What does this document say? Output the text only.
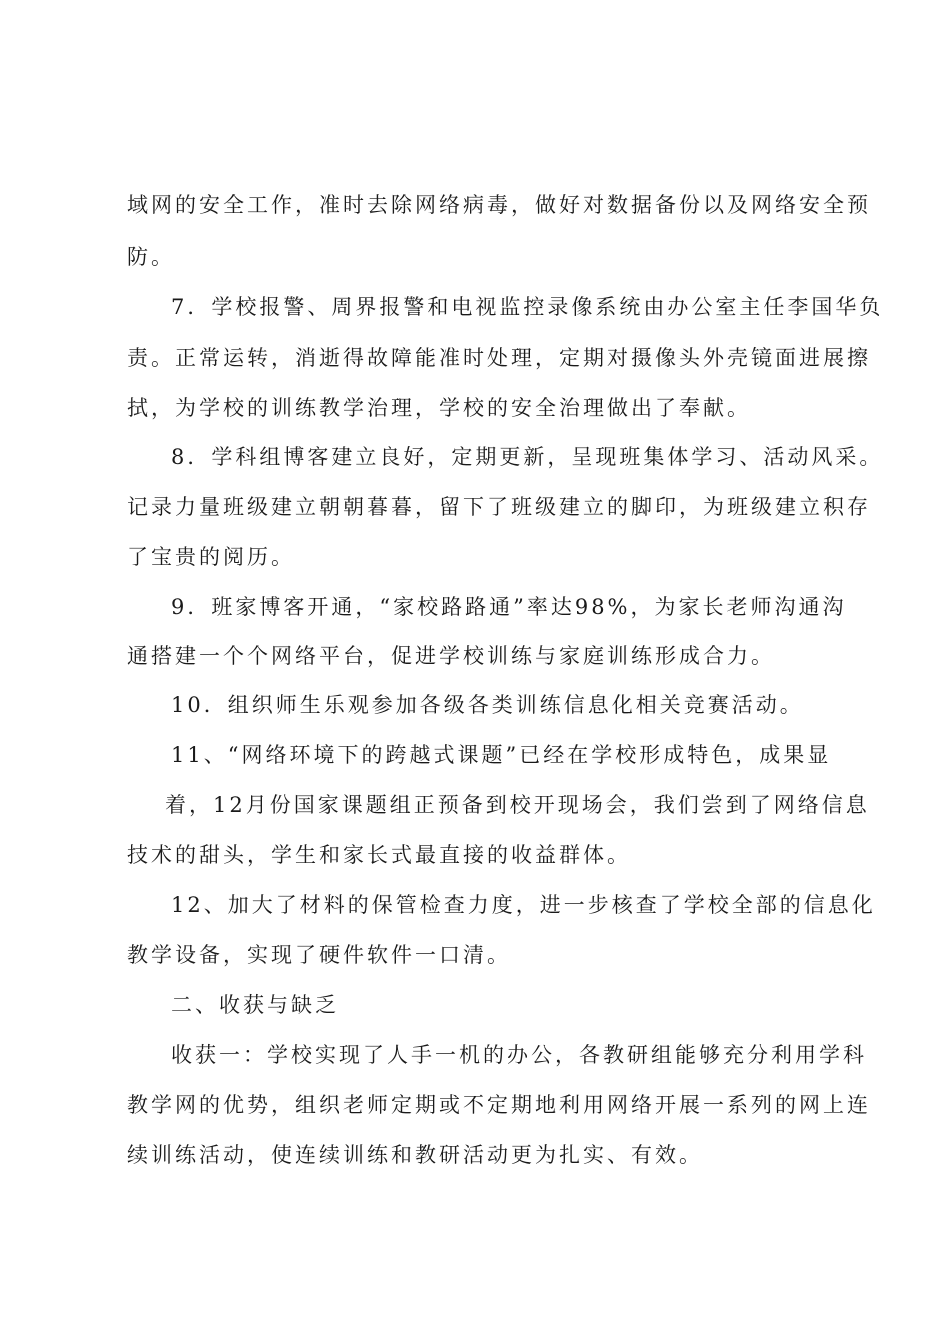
域网的安全工作，准时去除网络病毒，做好对数据备份以及网络安全预
防。
7．学校报警、周界报警和电视监控录像系统由办公室主任李国华负
责。正常运转，消逝得故障能准时处理，定期对摄像头外壳镜面进展擦
拭，为学校的训练教学治理，学校的安全治理做出了奉献。
8．学科组博客建立良好，定期更新，呈现班集体学习、活动风采。
记录力量班级建立朝朝暮暮，留下了班级建立的脚印，为班级建立积存
了宝贵的阅历。
9．班家博客开通，“家校路路通”率达98%，为家长老师沟通沟
通搭建一个个网络平台，促进学校训练与家庭训练形成合力。
10．组织师生乐观参加各级各类训练信息化相关竞赛活动。
11、“网络环境下的跨越式课题”已经在学校形成特色，成果显
着，12月份国家课题组正预备到校开现场会，我们尝到了网络信息
技术的甜头，学生和家长式最直接的收益群体。
12、加大了材料的保管检查力度，进一步核查了学校全部的信息化
教学设备，实现了硬件软件一口清。
二、收获与缺乏
收获一：学校实现了人手一机的办公，各教研组能够充分利用学科
教学网的优势，组织老师定期或不定期地利用网络开展一系列的网上连
续训练活动，使连续训练和教研活动更为扎实、有效。
